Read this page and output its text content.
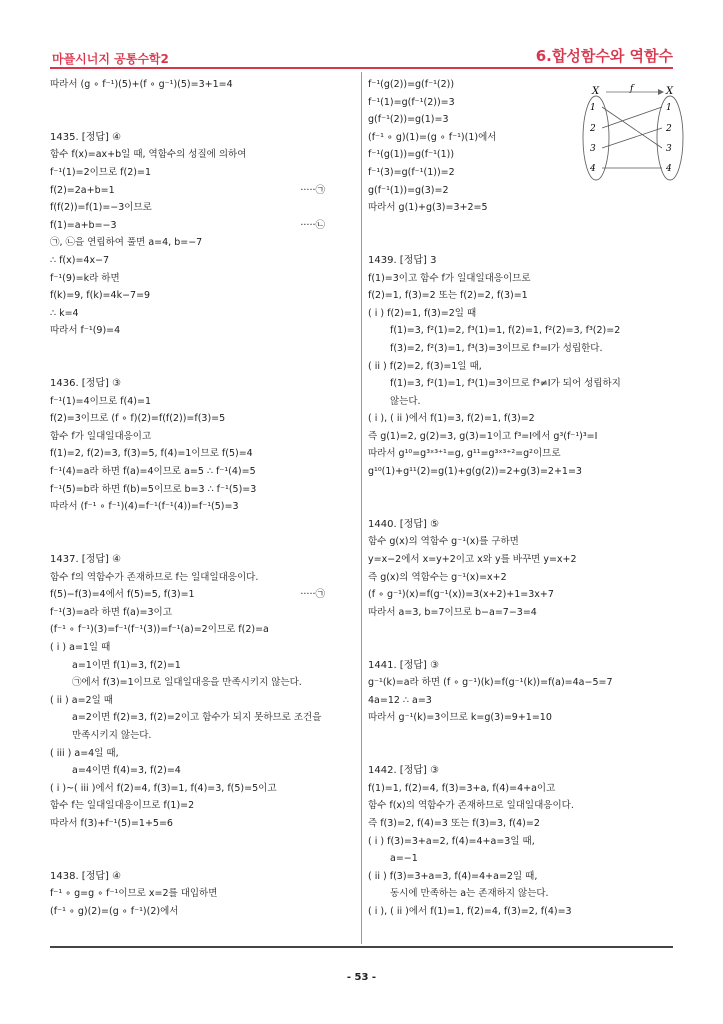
마플시너지 공통수학2	6.합성함수와 역함수
따라서 (g ∘ f⁻¹)(5)+(f ∘ g⁻¹)(5)=3+1=4
1435. [정답] ④
함수 f(x)=ax+b일 때, 역함수의 성질에 의하여
f⁻¹(1)=2이므로 f(2)=1
f(2)=2a+b=1	·····㉠
f(f(2))=f(1)=−3이므로
f(1)=a+b=−3	·····㉡
㉠, ㉡을 연립하여 풀면 a=4, b=−7
∴ f(x)=4x−7
f⁻¹(9)=k라 하면
f(k)=9, f(k)=4k−7=9
∴ k=4
따라서 f⁻¹(9)=4
1436. [정답] ③
f⁻¹(1)=4이므로 f(4)=1
f(2)=3이므로 (f ∘ f)(2)=f(f(2))=f(3)=5
함수 f가 일대일대응이고
f(1)=2, f(2)=3, f(3)=5, f(4)=1이므로 f(5)=4
f⁻¹(4)=a라 하면 f(a)=4이므로 a=5 ∴ f⁻¹(4)=5
f⁻¹(5)=b라 하면 f(b)=5이므로 b=3 ∴ f⁻¹(5)=3
따라서 (f⁻¹ ∘ f⁻¹)(4)=f⁻¹(f⁻¹(4))=f⁻¹(5)=3
1437. [정답] ④
함수 f의 역함수가 존재하므로 f는 일대일대응이다.
f(5)−f(3)=4에서 f(5)=5, f(3)=1	·····㉠
f⁻¹(3)=a라 하면 f(a)=3이고
(f⁻¹ ∘ f⁻¹)(3)=f⁻¹(f⁻¹(3))=f⁻¹(a)=2이므로 f(2)=a
( i ) a=1일 때
a=1이면 f(1)=3, f(2)=1
㉠에서 f(3)=1이므로 일대일대응을 만족시키지 않는다.
( ii ) a=2일 때
a=2이면 f(2)=3, f(2)=2이고 함수가 되지 못하므로 조건을
만족시키지 않는다.
( iii ) a=4일 때,
a=4이면 f(4)=3, f(2)=4
( i )~( iii )에서 f(2)=4, f(3)=1, f(4)=3, f(5)=5이고
함수 f는 일대일대응이므로 f(1)=2
따라서 f(3)+f⁻¹(5)=1+5=6
1438. [정답] ④
f⁻¹ ∘ g=g ∘ f⁻¹이므로 x=2를 대입하면
(f⁻¹ ∘ g)(2)=(g ∘ f⁻¹)(2)에서
f⁻¹(g(2))=g(f⁻¹(2))
f⁻¹(1)=g(f⁻¹(2))=3
g(f⁻¹(2))=g(1)=3
(f⁻¹ ∘ g)(1)=(g ∘ f⁻¹)(1)에서
f⁻¹(g(1))=g(f⁻¹(1))
f⁻¹(3)=g(f⁻¹(1))=2
g(f⁻¹(1))=g(3)=2
따라서 g(1)+g(3)=3+2=5
1439. [정답] 3
f(1)=3이고 함수 f가 일대일대응이므로
f(2)=1, f(3)=2 또는 f(2)=2, f(3)=1
( i ) f(2)=1, f(3)=2일 때
f(1)=3, f²(1)=2, f³(1)=1, f(2)=1, f²(2)=3, f³(2)=2
f(3)=2, f²(3)=1, f³(3)=3이므로 f³=I가 성립한다.
( ii ) f(2)=2, f(3)=1일 때,
f(1)=3, f²(1)=1, f³(1)=3이므로 f³≠I가 되어 성립하지
않는다.
( i ), ( ii )에서 f(1)=3, f(2)=1, f(3)=2
즉 g(1)=2, g(2)=3, g(3)=1이고 f³=I에서 g³(f⁻¹)³=I
따라서 g¹⁰=g³ˣ³⁺¹=g, g¹¹=g³ˣ³⁺²=g²이므로
g¹⁰(1)+g¹¹(2)=g(1)+g(g(2))=2+g(3)=2+1=3
1440. [정답] ⑤
함수 g(x)의 역함수 g⁻¹(x)를 구하면
y=x−2에서 x=y+2이고 x와 y를 바꾸면 y=x+2
즉 g(x)의 역함수는 g⁻¹(x)=x+2
(f ∘ g⁻¹)(x)=f(g⁻¹(x))=3(x+2)+1=3x+7
따라서 a=3, b=7이므로 b−a=7−3=4
1441. [정답] ③
g⁻¹(k)=a라 하면 (f ∘ g⁻¹)(k)=f(g⁻¹(k))=f(a)=4a−5=7
4a=12 ∴ a=3
따라서 g⁻¹(k)=3이므로 k=g(3)=9+1=10
1442. [정답] ③
f(1)=1, f(2)=4, f(3)=3+a, f(4)=4+a이고
함수 f(x)의 역함수가 존재하므로 일대일대응이다.
즉 f(3)=2, f(4)=3 또는 f(3)=3, f(4)=2
( i ) f(3)=3+a=2, f(4)=4+a=3일 때,
a=−1
( ii ) f(3)=3+a=3, f(4)=4+a=2일 때,
동시에 만족하는 a는 존재하지 않는다.
( i ), ( ii )에서 f(1)=1, f(2)=4, f(3)=2, f(4)=3
X	X
f
1
2
3
4
1
2
3
4
- 53 -
